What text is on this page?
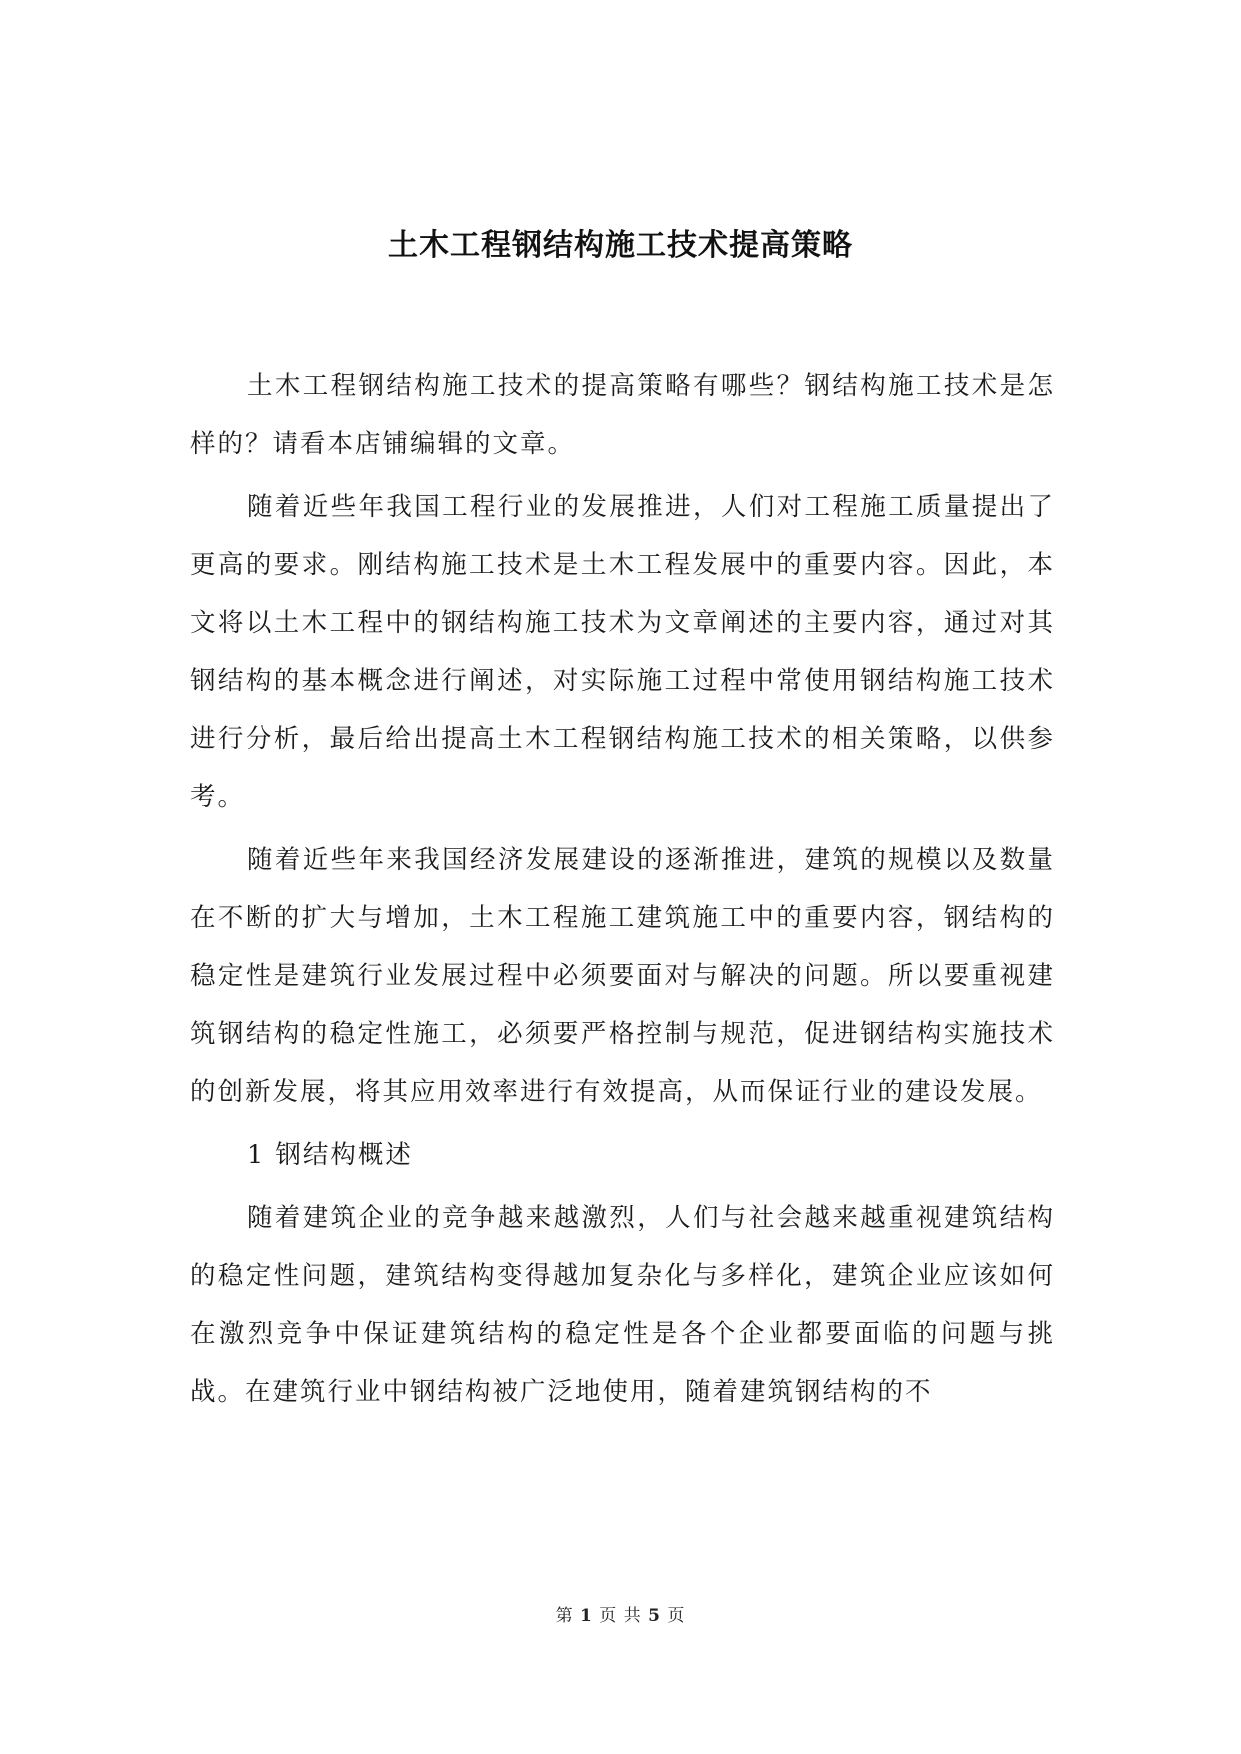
土木工程钢结构施工技术提高策略

土木工程钢结构施工技术的提高策略有哪些？钢结构施工技术是怎样的？请看本店铺编辑的文章。

随着近些年我国工程行业的发展推进，人们对工程施工质量提出了更高的要求。刚结构施工技术是土木工程发展中的重要内容。因此，本文将以土木工程中的钢结构施工技术为文章阐述的主要内容，通过对其钢结构的基本概念进行阐述，对实际施工过程中常使用钢结构施工技术进行分析，最后给出提高土木工程钢结构施工技术的相关策略，以供参考。

随着近些年来我国经济发展建设的逐渐推进，建筑的规模以及数量在不断的扩大与增加，土木工程施工建筑施工中的重要内容，钢结构的稳定性是建筑行业发展过程中必须要面对与解决的问题。所以要重视建筑钢结构的稳定性施工，必须要严格控制与规范，促进钢结构实施技术的创新发展，将其应用效率进行有效提高，从而保证行业的建设发展。

1 钢结构概述

随着建筑企业的竞争越来越激烈，人们与社会越来越重视建筑结构的稳定性问题，建筑结构变得越加复杂化与多样化，建筑企业应该如何在激烈竞争中保证建筑结构的稳定性是各个企业都要面临的问题与挑战。在建筑行业中钢结构被广泛地使用，随着建筑钢结构的不

第 1 页 共 5 页
